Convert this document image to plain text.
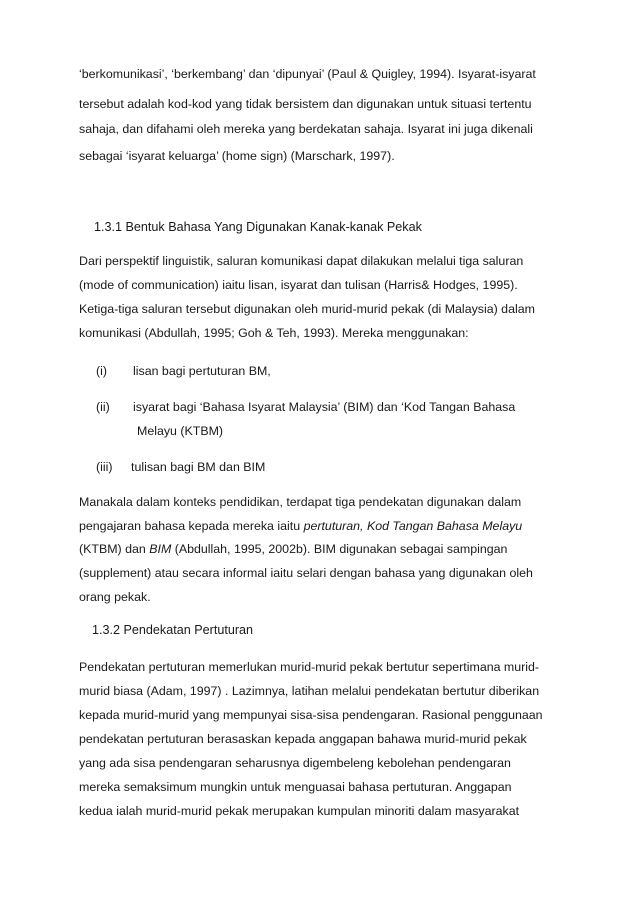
‘berkomunikasi’, ‘berkembang’ dan ‘dipunyai’ (Paul & Quigley, 1994). Isyarat-isyarat
tersebut adalah kod-kod yang tidak bersistem dan digunakan untuk situasi tertentu
sahaja, dan difahami oleh mereka yang berdekatan sahaja. Isyarat ini juga dikenali
sebagai ‘isyarat keluarga’ (home sign) (Marschark, 1997).
1.3.1 Bentuk Bahasa Yang Digunakan Kanak-kanak Pekak
Dari perspektif linguistik, saluran komunikasi dapat dilakukan melalui tiga saluran
(mode of communication) iaitu lisan, isyarat dan tulisan (Harris& Hodges, 1995).
Ketiga-tiga saluran tersebut digunakan oleh murid-murid pekak (di Malaysia) dalam
komunikasi (Abdullah, 1995; Goh & Teh, 1993). Mereka menggunakan:
(i)	lisan bagi pertuturan BM,
(ii)	isyarat bagi ‘Bahasa Isyarat Malaysia’ (BIM) dan ‘Kod Tangan Bahasa
Melayu (KTBM)
(iii)	tulisan bagi BM dan BIM
Manakala dalam konteks pendidikan, terdapat tiga pendekatan digunakan dalam
pengajaran bahasa kepada mereka iaitu pertuturan, Kod Tangan Bahasa Melayu
(KTBM) dan BIM (Abdullah, 1995, 2002b). BIM digunakan sebagai sampingan
(supplement) atau secara informal iaitu selari dengan bahasa yang digunakan oleh
orang pekak.
1.3.2 Pendekatan Pertuturan
Pendekatan pertuturan memerlukan murid-murid pekak bertutur sepertimana murid-
murid biasa (Adam, 1997) . Lazimnya, latihan melalui pendekatan bertutur diberikan
kepada murid-murid yang mempunyai sisa-sisa pendengaran. Rasional penggunaan
pendekatan pertuturan berasaskan kepada anggapan bahawa murid-murid pekak
yang ada sisa pendengaran seharusnya digembeleng kebolehan pendengaran
mereka semaksimum mungkin untuk menguasai bahasa pertuturan. Anggapan
kedua ialah murid-murid pekak merupakan kumpulan minoriti dalam masyarakat
